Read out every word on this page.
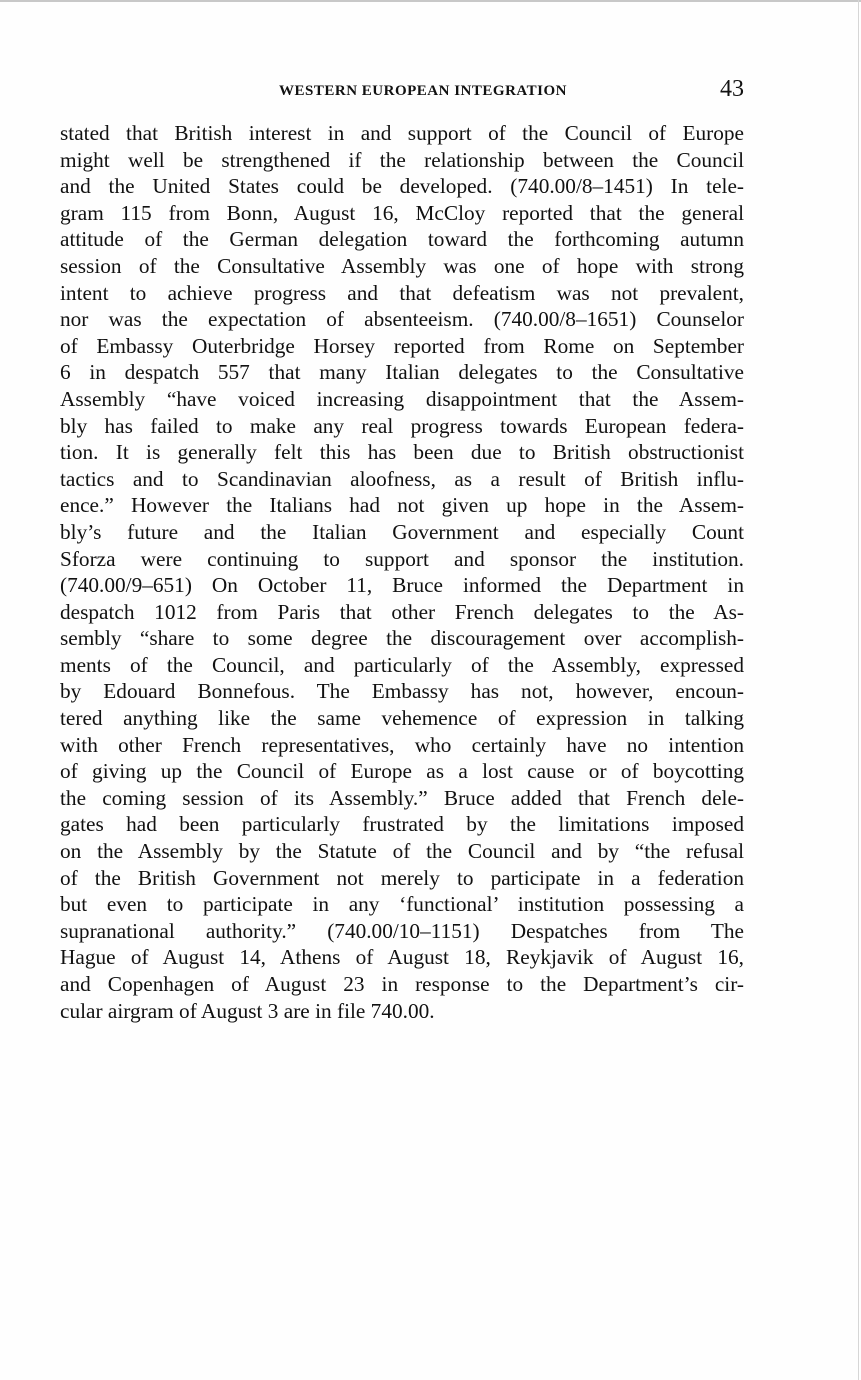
WESTERN EUROPEAN INTEGRATION	43
stated that British interest in and support of the Council of Europe
might well be strengthened if the relationship between the Council
and the United States could be developed. (740.00/8–1451) In tele-
gram 115 from Bonn, August 16, McCloy reported that the general
attitude of the German delegation toward the forthcoming autumn
session of the Consultative Assembly was one of hope with strong
intent to achieve progress and that defeatism was not prevalent,
nor was the expectation of absenteeism. (740.00/8–1651) Counselor
of Embassy Outerbridge Horsey reported from Rome on September
6 in despatch 557 that many Italian delegates to the Consultative
Assembly “have voiced increasing disappointment that the Assem-
bly has failed to make any real progress towards European federa-
tion. It is generally felt this has been due to British obstructionist
tactics and to Scandinavian aloofness, as a result of British influ-
ence.” However the Italians had not given up hope in the Assem-
bly’s future and the Italian Government and especially Count
Sforza were continuing to support and sponsor the institution.
(740.00/9–651) On October 11, Bruce informed the Department in
despatch 1012 from Paris that other French delegates to the As-
sembly “share to some degree the discouragement over accomplish-
ments of the Council, and particularly of the Assembly, expressed
by Edouard Bonnefous. The Embassy has not, however, encoun-
tered anything like the same vehemence of expression in talking
with other French representatives, who certainly have no intention
of giving up the Council of Europe as a lost cause or of boycotting
the coming session of its Assembly.” Bruce added that French dele-
gates had been particularly frustrated by the limitations imposed
on the Assembly by the Statute of the Council and by “the refusal
of the British Government not merely to participate in a federation
but even to participate in any ‘functional’ institution possessing a
supranational authority.” (740.00/10–1151) Despatches from The
Hague of August 14, Athens of August 18, Reykjavik of August 16,
and Copenhagen of August 23 in response to the Department’s cir-
cular airgram of August 3 are in file 740.00.
